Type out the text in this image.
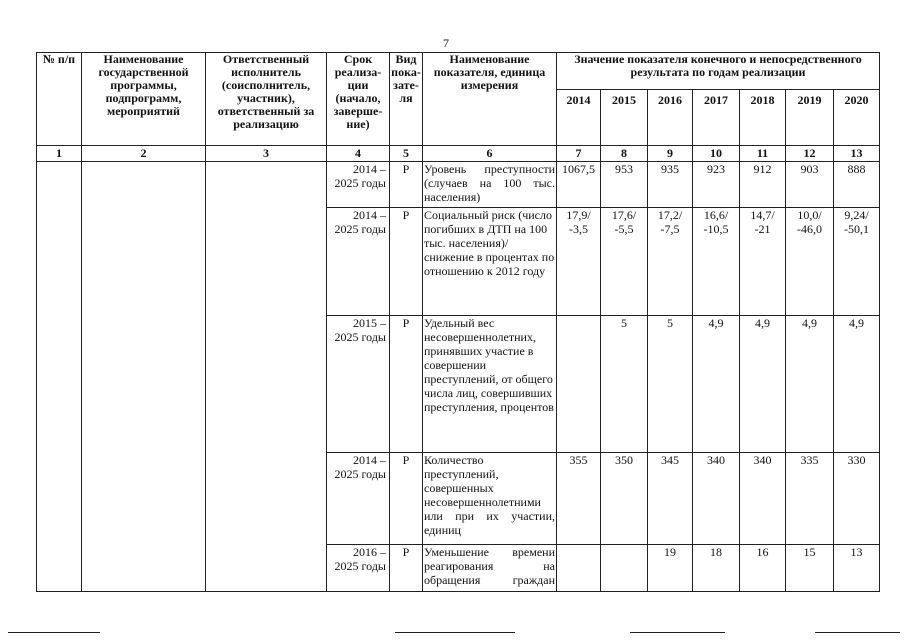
7
№ п/п	Наименование государственной программы, подпрограмм, мероприятий	Ответственный исполнитель (соисполнитель, участник), ответственный за реализацию	Срок реализа-ции (начало, заверше-ние)	Вид пока-зате-ля	Наименование показателя, единица измерения	Значение показателя конечного и непосредственного результата по годам реализации						
						2014	2015	2016	2017	2018	2019	2020
1	2	3	4	5	6	7	8	9	10	11	12	13
			2014 – 2025 годы	Р	Уровень преступности (случаев на 100 тыс. населения)	1067,5	953	935	923	912	903	888
			2014 – 2025 годы	Р	Социальный риск (число погибших в ДТП на 100 тыс. населения)/снижение в процентах по отношению к 2012 году	17,9/ -3,5	17,6/ -5,5	17,2/ -7,5	16,6/ -10,5	14,7/ -21	10,0/ -46,0	9,24/ -50,1
			2015 – 2025 годы	Р	Удельный вес несовершеннолетних, принявших участие в совершении преступлений, от общего числа лиц, совершивших преступления, процентов		5	5	4,9	4,9	4,9	4,9
			2014 – 2025 годы	Р	Количество преступлений, совершенных несовершеннолетними или при их участии, единиц	355	350	345	340	340	335	330
			2016 – 2025 годы	Р	Уменьшение времени реагирования на обращения граждан			19	18	16	15	13
